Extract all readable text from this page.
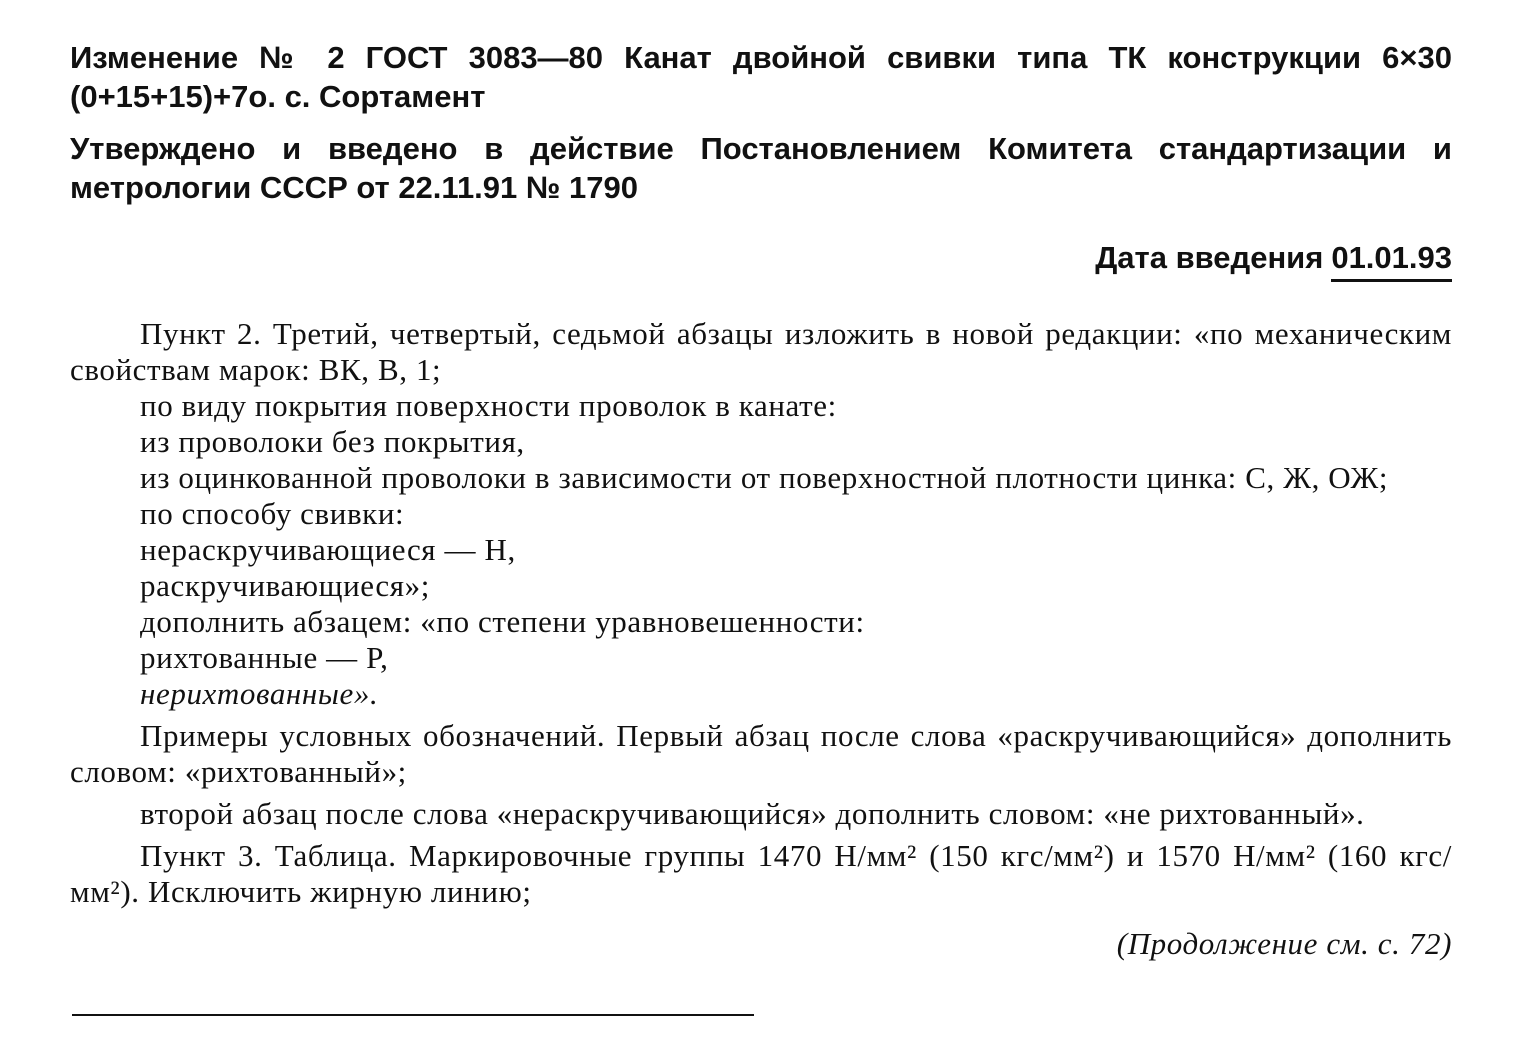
Изменение № 2 ГОСТ 3083—80 Канат двойной свивки типа ТК конструкции 6×30 (0+15+15)+7о. с. Сортамент

Утверждено и введено в действие Постановлением Комитета стандартизации и метрологии СССР от 22.11.91 № 1790

Дата введения 01.01.93

Пункт 2. Третий, четвертый, седьмой абзацы изложить в новой редакции: «по механическим свойствам марок: ВК, В, 1;

по виду покрытия поверхности проволок в канате:

из проволоки без покрытия,

из оцинкованной проволоки в зависимости от поверхностной плотности цинка: С, Ж, ОЖ;

по способу свивки:

нераскручивающиеся — Н,

раскручивающиеся»;

дополнить абзацем: «по степени уравновешенности:

рихтованные — Р,

нерихтованные».

Примеры условных обозначений. Первый абзац после слова «раскручивающийся» дополнить словом: «рихтованный»;

второй абзац после слова «нераскручивающийся» дополнить словом: «не рихтованный».

Пункт 3. Таблица. Маркировочные группы 1470 Н/мм² (150 кгс/мм²) и 1570 Н/мм² (160 кгс/мм²). Исключить жирную линию;

(Продолжение см. с. 72)
